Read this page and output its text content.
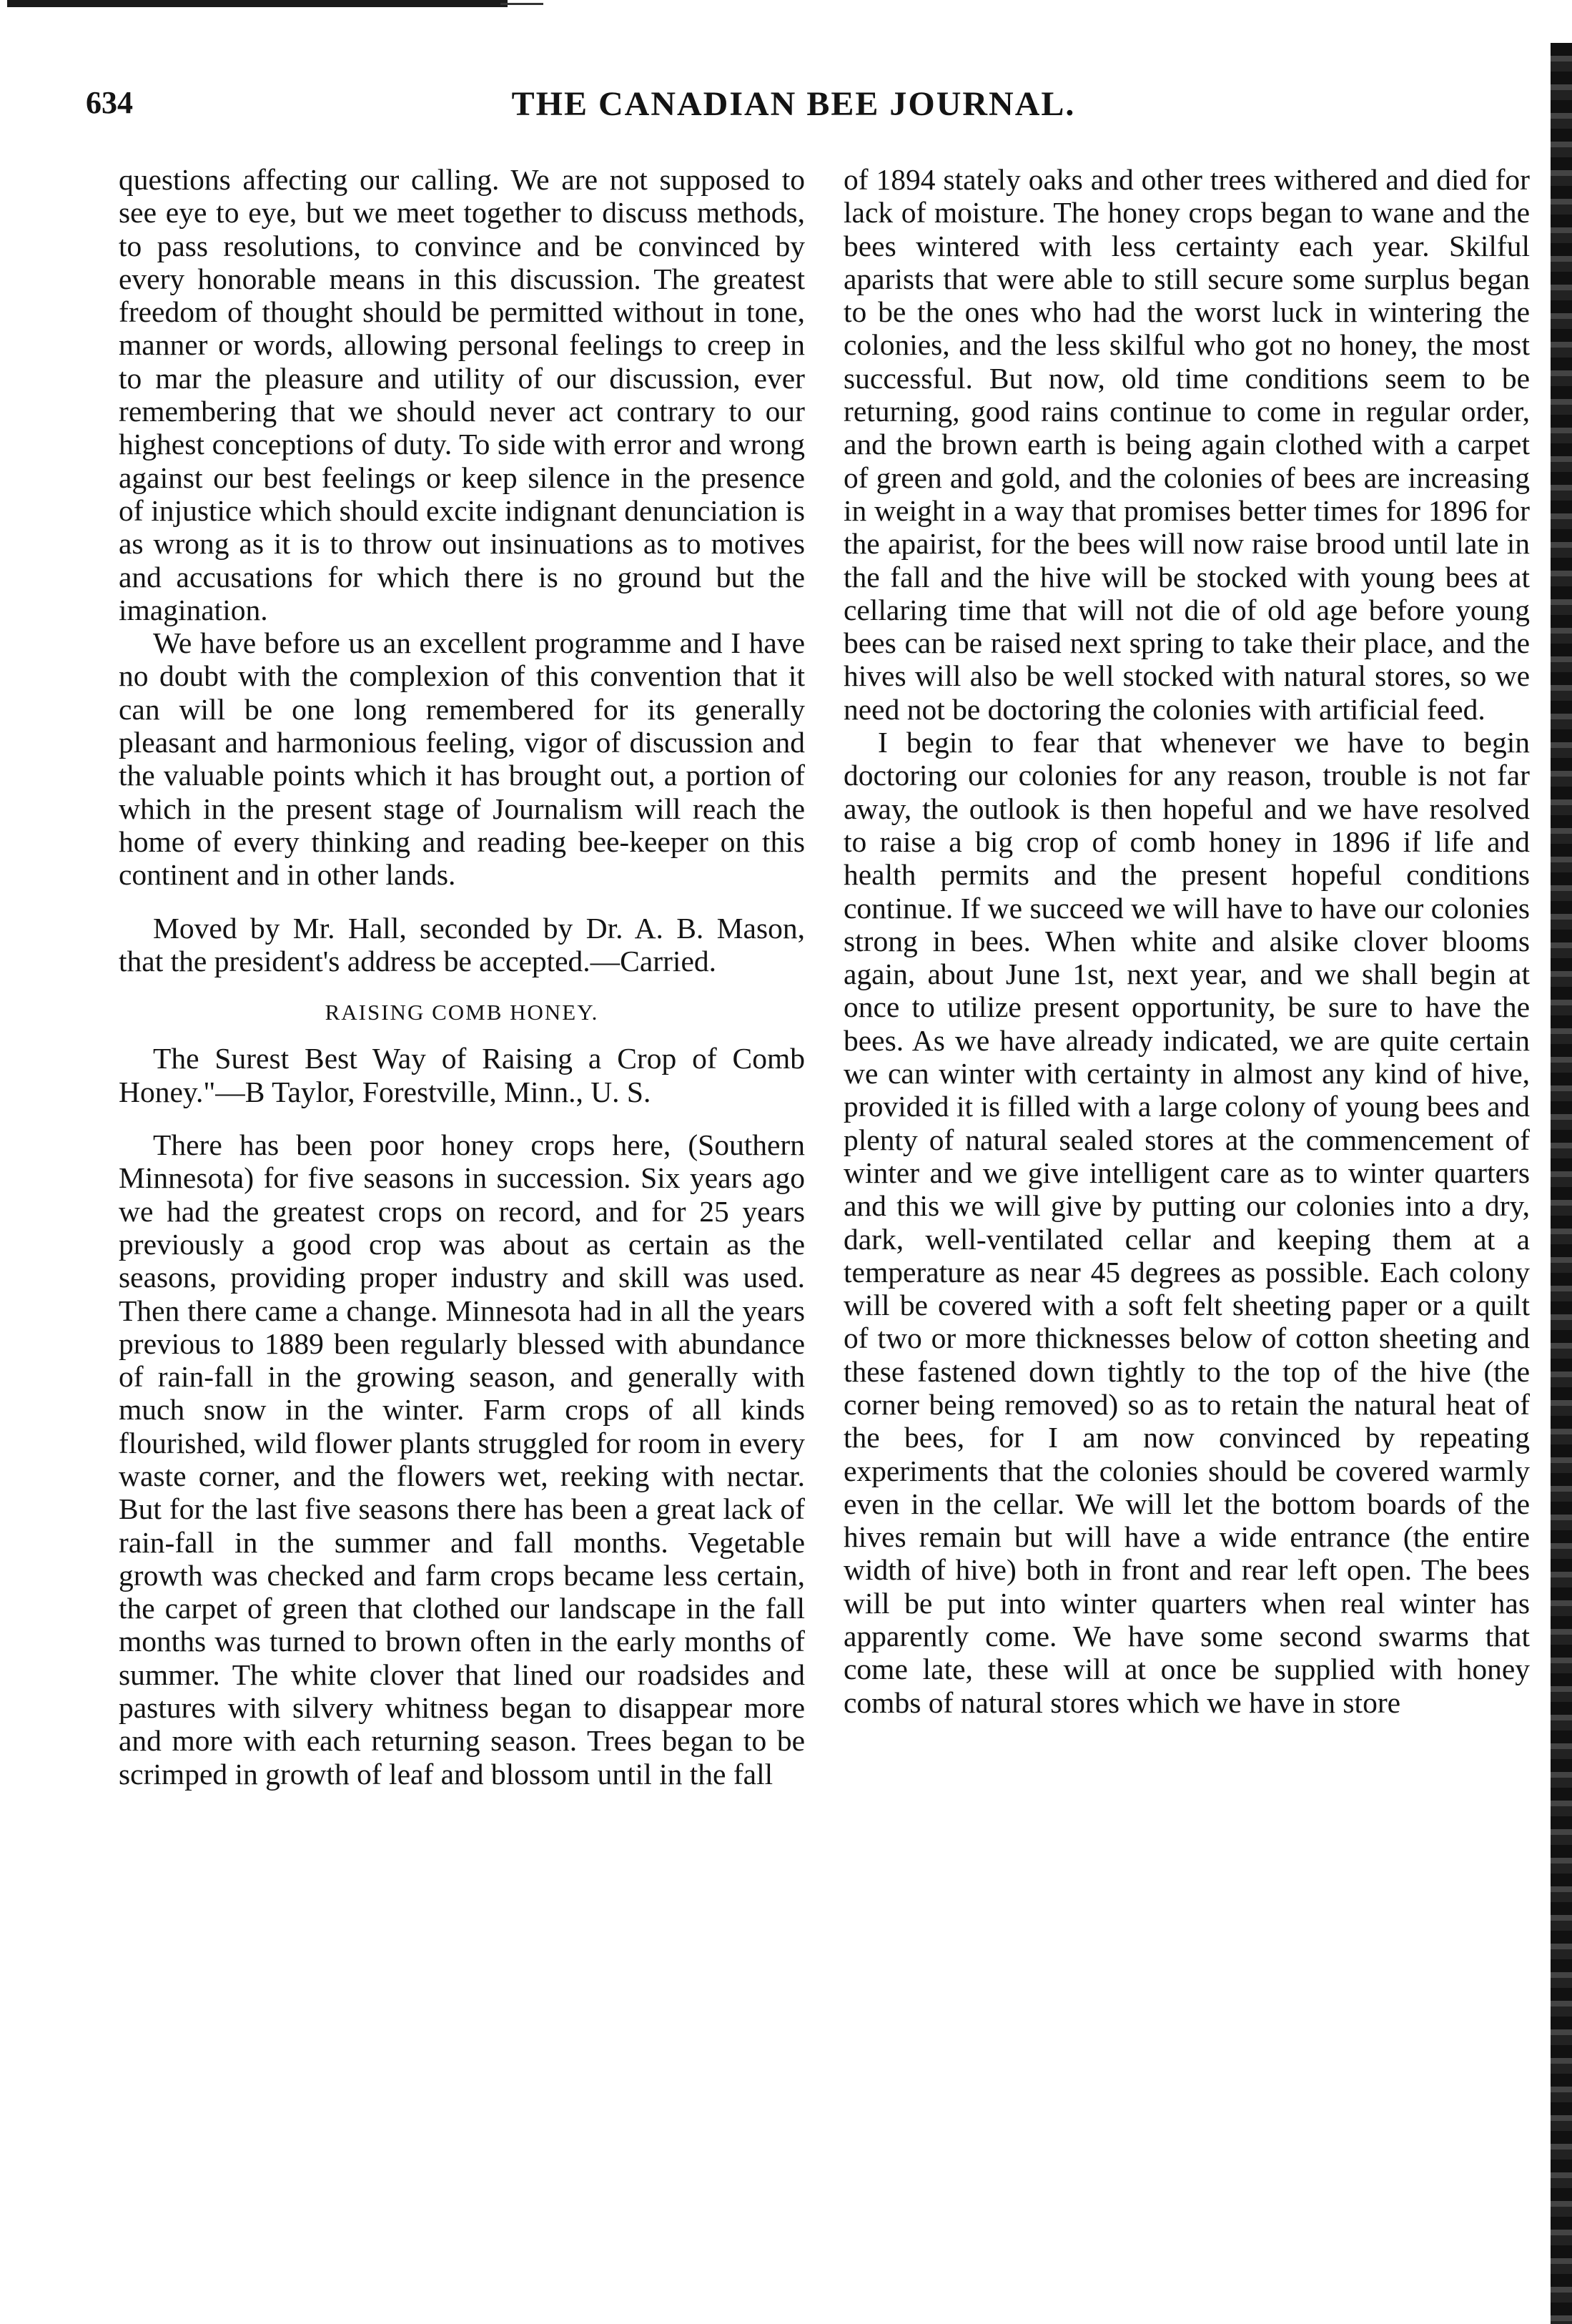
634	THE CANADIAN BEE JOURNAL.

questions affecting our calling. We are not supposed to see eye to eye, but we meet together to discuss methods, to pass resolutions, to convince and be convinced by every honorable means in this discussion. The greatest freedom of thought should be permitted without in tone, manner or words, allowing personal feelings to creep in to mar the pleasure and utility of our discussion, ever remembering that we should never act contrary to our highest conceptions of duty. To side with error and wrong against our best feelings or keep silence in the presence of injustice which should excite indignant denunciation is as wrong as it is to throw out insinuations as to motives and accusations for which there is no ground but the imagination.

We have before us an excellent programme and I have no doubt with the complexion of this convention that it can will be one long remembered for its generally pleasant and harmonious feeling, vigor of discussion and the valuable points which it has brought out, a portion of which in the present stage of Journalism will reach the home of every thinking and reading bee-keeper on this continent and in other lands.

Moved by Mr. Hall, seconded by Dr. A. B. Mason, that the president's address be accepted.—Carried.

RAISING COMB HONEY.

The Surest Best Way of Raising a Crop of Comb Honey."—B Taylor, Forestville, Minn., U. S.

There has been poor honey crops here, (Southern Minnesota) for five seasons in succession. Six years ago we had the greatest crops on record, and for 25 years previously a good crop was about as certain as the seasons, providing proper industry and skill was used. Then there came a change. Minnesota had in all the years previous to 1889 been regularly blessed with abundance of rain-fall in the growing season, and generally with much snow in the winter. Farm crops of all kinds flourished, wild flower plants struggled for room in every waste corner, and the flowers wet, reeking with nectar. But for the last five seasons there has been a great lack of rain-fall in the summer and fall months. Vegetable growth was checked and farm crops became less certain, the carpet of green that clothed our landscape in the fall months was turned to brown often in the early months of summer. The white clover that lined our roadsides and pastures with silvery whitness began to disappear more and more with each returning season. Trees began to be scrimped in growth of leaf and blossom until in the fall

of 1894 stately oaks and other trees withered and died for lack of moisture. The honey crops began to wane and the bees wintered with less certainty each year. Skilful aparists that were able to still secure some surplus began to be the ones who had the worst luck in wintering the colonies, and the less skilful who got no honey, the most successful. But now, old time conditions seem to be returning, good rains continue to come in regular order, and the brown earth is being again clothed with a carpet of green and gold, and the colonies of bees are increasing in weight in a way that promises better times for 1896 for the apairist, for the bees will now raise brood until late in the fall and the hive will be stocked with young bees at cellaring time that will not die of old age before young bees can be raised next spring to take their place, and the hives will also be well stocked with natural stores, so we need not be doctoring the colonies with artificial feed.

I begin to fear that whenever we have to begin doctoring our colonies for any reason, trouble is not far away, the outlook is then hopeful and we have resolved to raise a big crop of comb honey in 1896 if life and health permits and the present hopeful conditions continue. If we succeed we will have to have our colonies strong in bees. When white and alsike clover blooms again, about June 1st, next year, and we shall begin at once to utilize present opportunity, be sure to have the bees. As we have already indicated, we are quite certain we can winter with certainty in almost any kind of hive, provided it is filled with a large colony of young bees and plenty of natural sealed stores at the commencement of winter and we give intelligent care as to winter quarters and this we will give by putting our colonies into a dry, dark, well-ventilated cellar and keeping them at a temperature as near 45 degrees as possible. Each colony will be covered with a soft felt sheeting paper or a quilt of two or more thicknesses below of cotton sheeting and these fastened down tightly to the top of the hive (the corner being removed) so as to retain the natural heat of the bees, for I am now convinced by repeating experiments that the colonies should be covered warmly even in the cellar. We will let the bottom boards of the hives remain but will have a wide entrance (the entire width of hive) both in front and rear left open. The bees will be put into winter quarters when real winter has apparently come. We have some second swarms that come late, these will at once be supplied with honey combs of natural stores which we have in store
